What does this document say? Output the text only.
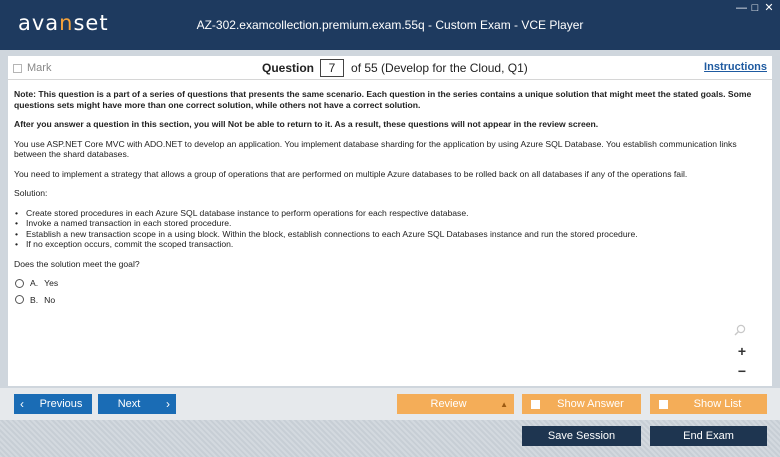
avanset	AZ-302.examcollection.premium.exam.55q - Custom Exam - VCE Player
— □ ✕
Mark	Question	7	of 55 (Develop for the Cloud, Q1)	Instructions

Note: This question is a part of a series of questions that presents the same scenario. Each question in the series contains a unique solution that might meet the stated goals. Some questions sets might have more than one correct solution, while others not have a correct solution.

After you answer a question in this section, you will Not be able to return to it. As a result, these questions will not appear in the review screen.

You use ASP.NET Core MVC with ADO.NET to develop an application. You implement database sharding for the application by using Azure SQL Database. You establish communication links between the shard databases.

You need to implement a strategy that allows a group of operations that are performed on multiple Azure databases to be rolled back on all databases if any of the operations fail.

Solution:

• Create stored procedures in each Azure SQL database instance to perform operations for each respective database.
• Invoke a named transaction in each stored procedure.
• Establish a new transaction scope in a using block. Within the block, establish connections to each Azure SQL Databases instance and run the stored procedure.
• If no exception occurs, commit the scoped transaction.

Does the solution meet the goal?

A. Yes
B. No
+
−
‹	Previous	Next	›	Review	▲	Show Answer	Show List
Save Session	End Exam
